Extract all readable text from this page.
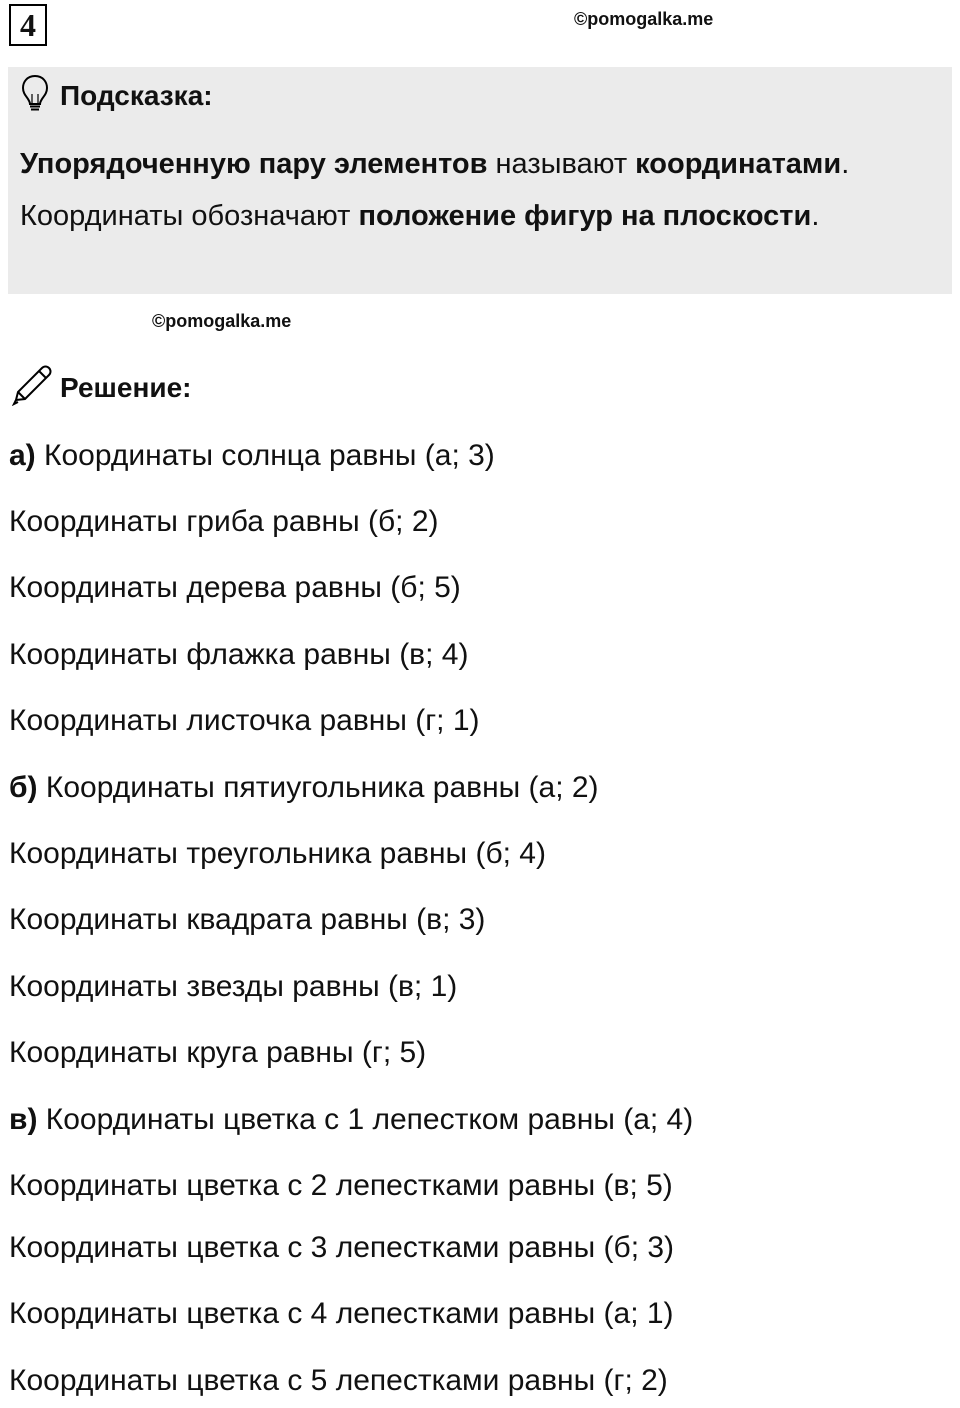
4	©pomogalka.me
Подсказка:
Упорядоченную пару элементов называют координатами. Координаты обозначают положение фигур на плоскости.
©pomogalka.me
Решение:
а) Координаты солнца равны (а; 3)
Координаты гриба равны (б; 2)
Координаты дерева равны (б; 5)
Координаты флажка равны (в; 4)
Координаты листочка равны (г; 1)
б) Координаты пятиугольника равны (а; 2)
Координаты треугольника равны (б; 4)
Координаты квадрата равны (в; 3)
Координаты звезды равны (в; 1)
Координаты круга равны (г; 5)
в) Координаты цветка с 1 лепестком равны (а; 4)
Координаты цветка с 2 лепестками равны (в; 5)
Координаты цветка с 3 лепестками равны (б; 3)
Координаты цветка с 4 лепестками равны (а; 1)
Координаты цветка с 5 лепестками равны (г; 2)
